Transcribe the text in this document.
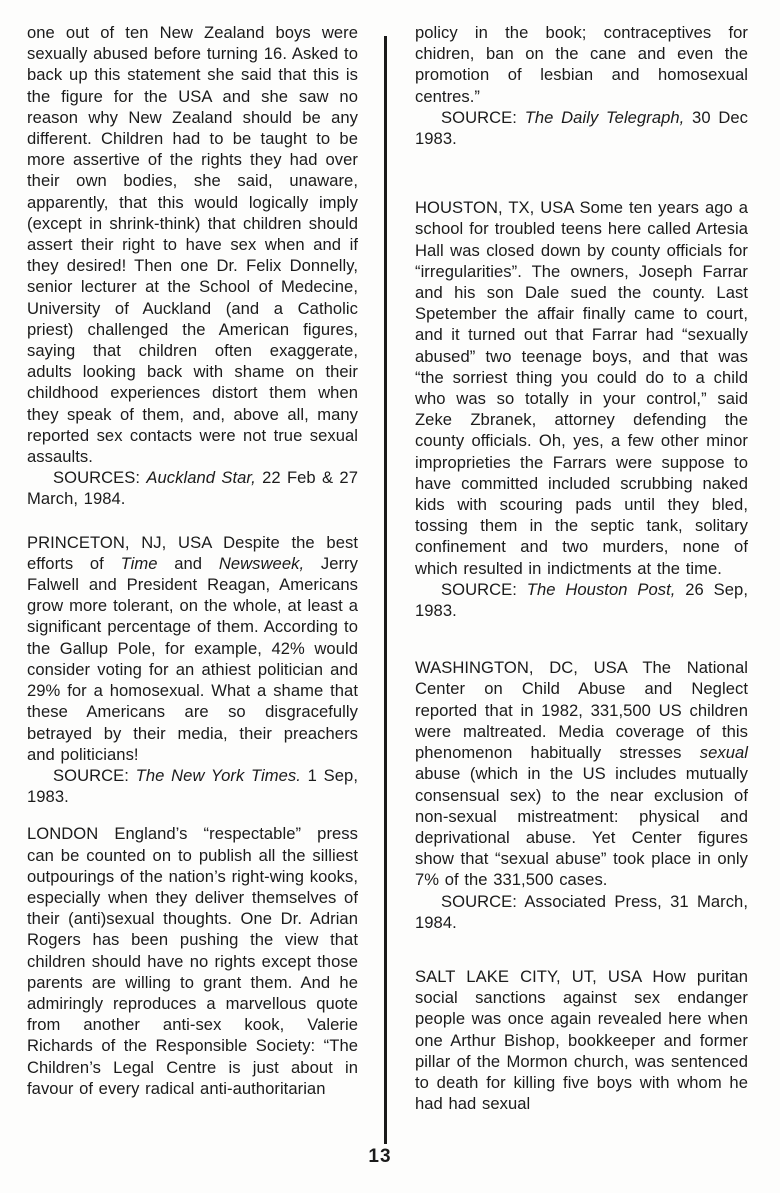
one out of ten New Zealand boys were sexually abused before turning 16. Asked to back up this statement she said that this is the figure for the USA and she saw no reason why New Zealand should be any different. Children had to be taught to be more assertive of the rights they had over their own bodies, she said, unaware, apparently, that this would logically imply (except in shrink-think) that children should assert their right to have sex when and if they desired! Then one Dr. Felix Donnelly, senior lecturer at the School of Medecine, University of Auckland (and a Catholic priest) challenged the American figures, saying that children often exaggerate, adults looking back with shame on their childhood experiences distort them when they speak of them, and, above all, many reported sex contacts were not true sexual assaults.

SOURCES: Auckland Star, 22 Feb & 27 March, 1984.

PRINCETON, NJ, USA Despite the best efforts of Time and Newsweek, Jerry Falwell and President Reagan, Americans grow more tolerant, on the whole, at least a significant percentage of them. According to the Gallup Pole, for example, 42% would consider voting for an athiest politician and 29% for a homosexual. What a shame that these Americans are so disgracefully betrayed by their media, their preachers and politicians!

SOURCE: The New York Times. 1 Sep, 1983.

LONDON England’s “respectable” press can be counted on to publish all the silliest outpourings of the nation’s right-wing kooks, especially when they deliver themselves of their (anti)sexual thoughts. One Dr. Adrian Rogers has been pushing the view that children should have no rights except those parents are willing to grant them. And he admiringly reproduces a marvellous quote from another anti-sex kook, Valerie Richards of the Responsible Society: “The Children’s Legal Centre is just about in favour of every radical anti-authoritarian

policy in the book; contraceptives for chidren, ban on the cane and even the promotion of lesbian and homosexual centres.”

SOURCE: The Daily Telegraph, 30 Dec 1983.

HOUSTON, TX, USA Some ten years ago a school for troubled teens here called Artesia Hall was closed down by county officials for “irregularities”. The owners, Joseph Farrar and his son Dale sued the county. Last Spetember the affair finally came to court, and it turned out that Farrar had “sexually abused” two teenage boys, and that was “the sorriest thing you could do to a child who was so totally in your control,” said Zeke Zbranek, attorney defending the county officials. Oh, yes, a few other minor improprieties the Farrars were suppose to have committed included scrubbing naked kids with scouring pads until they bled, tossing them in the septic tank, solitary confinement and two murders, none of which resulted in indictments at the time.

SOURCE: The Houston Post, 26 Sep, 1983.

WASHINGTON, DC, USA The National Center on Child Abuse and Neglect reported that in 1982, 331,500 US children were maltreated. Media coverage of this phenomenon habitually stresses sexual abuse (which in the US includes mutually consensual sex) to the near exclusion of non-sexual mistreatment: physical and deprivational abuse. Yet Center figures show that “sexual abuse” took place in only 7% of the 331,500 cases.

SOURCE: Associated Press, 31 March, 1984.

SALT LAKE CITY, UT, USA How puritan social sanctions against sex endanger people was once again revealed here when one Arthur Bishop, bookkeeper and former pillar of the Mormon church, was sentenced to death for killing five boys with whom he had had sexual

13
